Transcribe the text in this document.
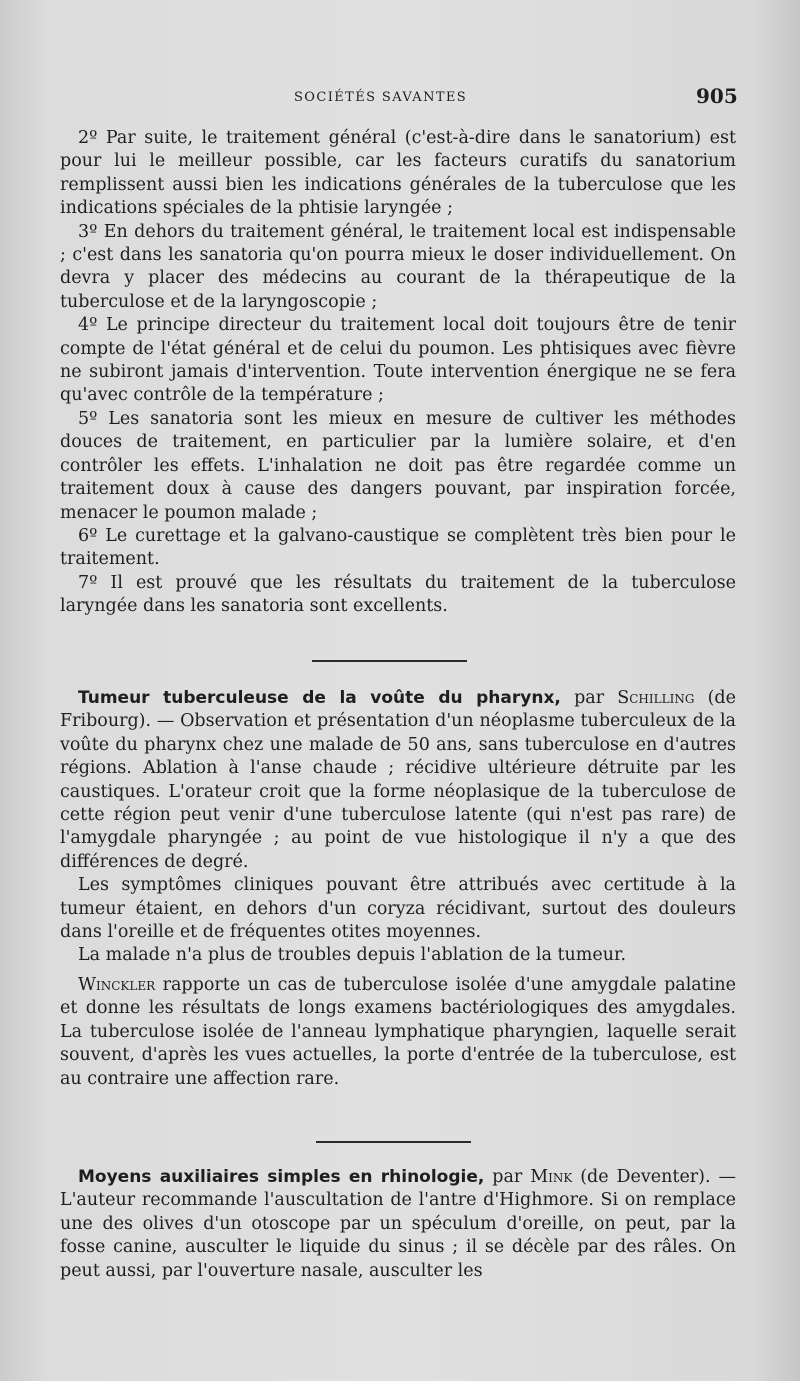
SOCIÉTÉS SAVANTES	905

2º Par suite, le traitement général (c'est-à-dire dans le sanatorium) est pour lui le meilleur possible, car les facteurs curatifs du sanatorium remplissent aussi bien les indications générales de la tuberculose que les indications spéciales de la phtisie laryngée ;

3º En dehors du traitement général, le traitement local est indispensable ; c'est dans les sanatoria qu'on pourra mieux le doser individuellement. On devra y placer des médecins au courant de la thérapeutique de la tuberculose et de la laryngoscopie ;

4º Le principe directeur du traitement local doit toujours être de tenir compte de l'état général et de celui du poumon. Les phtisiques avec fièvre ne subiront jamais d'intervention. Toute intervention énergique ne se fera qu'avec contrôle de la température ;

5º Les sanatoria sont les mieux en mesure de cultiver les méthodes douces de traitement, en particulier par la lumière solaire, et d'en contrôler les effets. L'inhalation ne doit pas être regardée comme un traitement doux à cause des dangers pouvant, par inspiration forcée, menacer le poumon malade ;

6º Le curettage et la galvano-caustique se complètent très bien pour le traitement.

7º Il est prouvé que les résultats du traitement de la tuberculose laryngée dans les sanatoria sont excellents.

Tumeur tuberculeuse de la voûte du pharynx, par Schilling (de Fribourg). — Observation et présentation d'un néoplasme tuberculeux de la voûte du pharynx chez une malade de 50 ans, sans tuberculose en d'autres régions. Ablation à l'anse chaude ; récidive ultérieure détruite par les caustiques. L'orateur croit que la forme néoplasique de la tuberculose de cette région peut venir d'une tuberculose latente (qui n'est pas rare) de l'amygdale pharyngée ; au point de vue histologique il n'y a que des différences de degré.

Les symptômes cliniques pouvant être attribués avec certitude à la tumeur étaient, en dehors d'un coryza récidivant, surtout des douleurs dans l'oreille et de fréquentes otites moyennes.

La malade n'a plus de troubles depuis l'ablation de la tumeur.

Winckler rapporte un cas de tuberculose isolée d'une amygdale palatine et donne les résultats de longs examens bactériologiques des amygdales. La tuberculose isolée de l'anneau lymphatique pharyngien, laquelle serait souvent, d'après les vues actuelles, la porte d'entrée de la tuberculose, est au contraire une affection rare.

Moyens auxiliaires simples en rhinologie, par Mink (de Deventer). — L'auteur recommande l'auscultation de l'antre d'Highmore. Si on remplace une des olives d'un otoscope par un spéculum d'oreille, on peut, par la fosse canine, ausculter le liquide du sinus ; il se décèle par des râles. On peut aussi, par l'ouverture nasale, ausculter les
